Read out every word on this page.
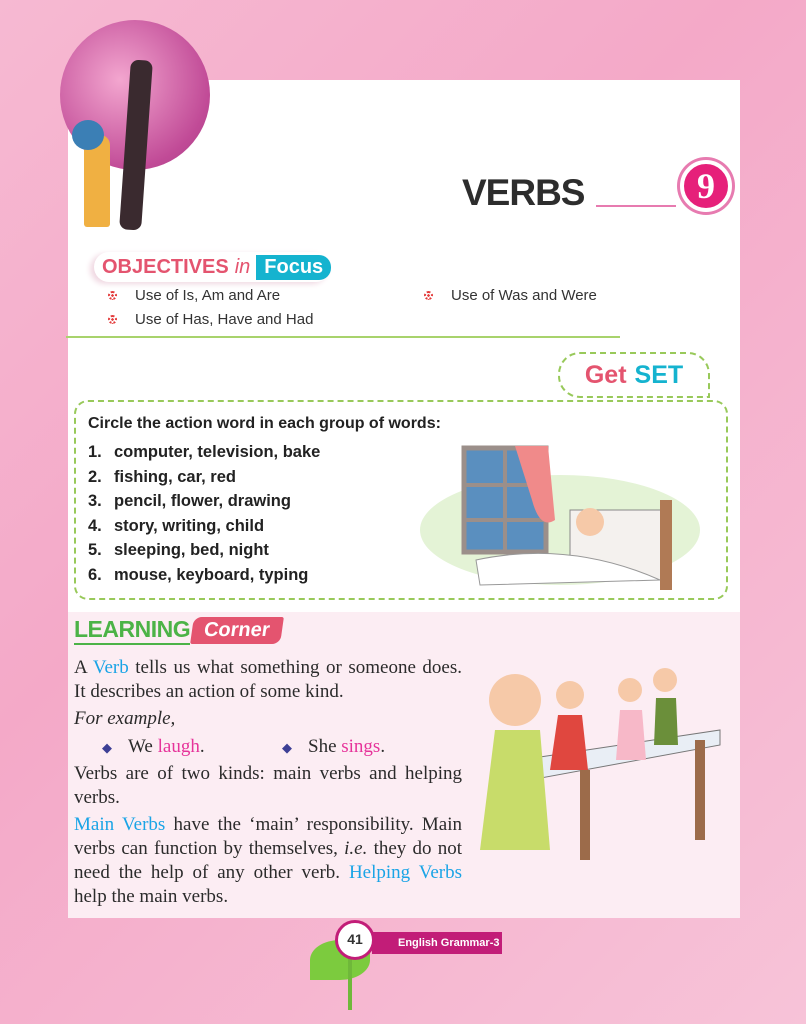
VERBS	9
OBJECTIVES in Focus
Use of Is, Am and Are	Use of Was and Were
Use of Has, Have and Had
Get SET
Circle the action word in each group of words:
1. computer, television, bake
2. fishing, car, red
3. pencil, flower, drawing
4. story, writing, child
5. sleeping, bed, night
6. mouse, keyboard, typing
LEARNING Corner

A Verb tells us what something or someone does. It describes an action of some kind.

For example,

◆ We laugh.	◆ She sings.

Verbs are of two kinds: main verbs and helping verbs.

Main Verbs have the ‘main’ responsibility. Main verbs can function by themselves, i.e. they do not need the help of any other verb. Helping Verbs help the main verbs.

English Grammar-3
41
